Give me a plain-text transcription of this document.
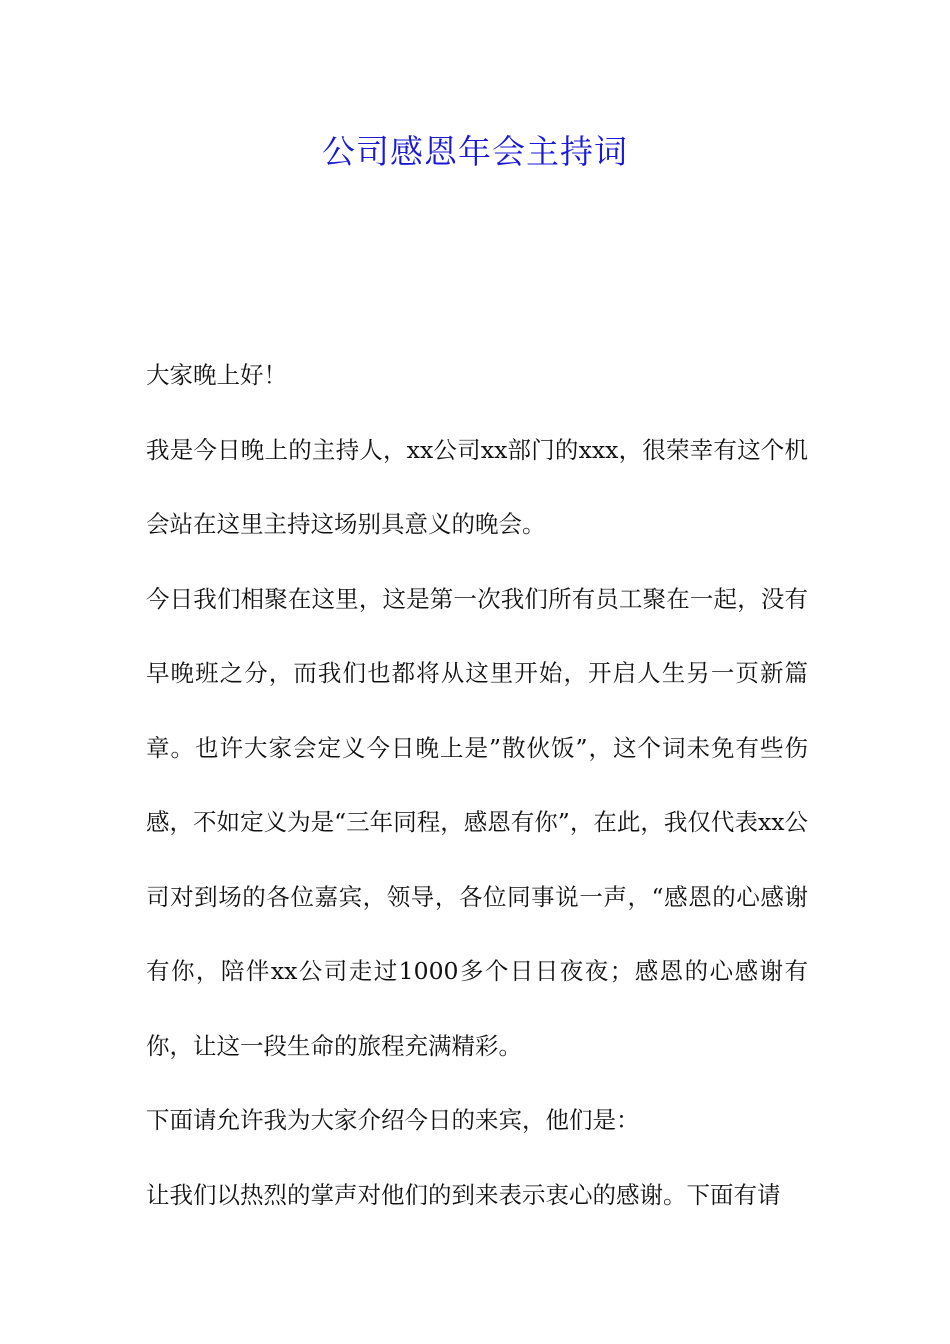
公司感恩年会主持词

大家晚上好！

我是今日晚上的主持人，xx公司xx部门的xxx，很荣幸有这个机会站在这里主持这场别具意义的晚会。

今日我们相聚在这里，这是第一次我们所有员工聚在一起，没有早晚班之分，而我们也都将从这里开始，开启人生另一页新篇章。也许大家会定义今日晚上是”散伙饭”，这个词未免有些伤感，不如定义为是“三年同程，感恩有你”，在此，我仅代表xx公司对到场的各位嘉宾，领导，各位同事说一声，“感恩的心感谢有你，陪伴xx公司走过1000多个日日夜夜；感恩的心感谢有你，让这一段生命的旅程充满精彩。

下面请允许我为大家介绍今日的来宾，他们是：

让我们以热烈的掌声对他们的到来表示衷心的感谢。下面有请
